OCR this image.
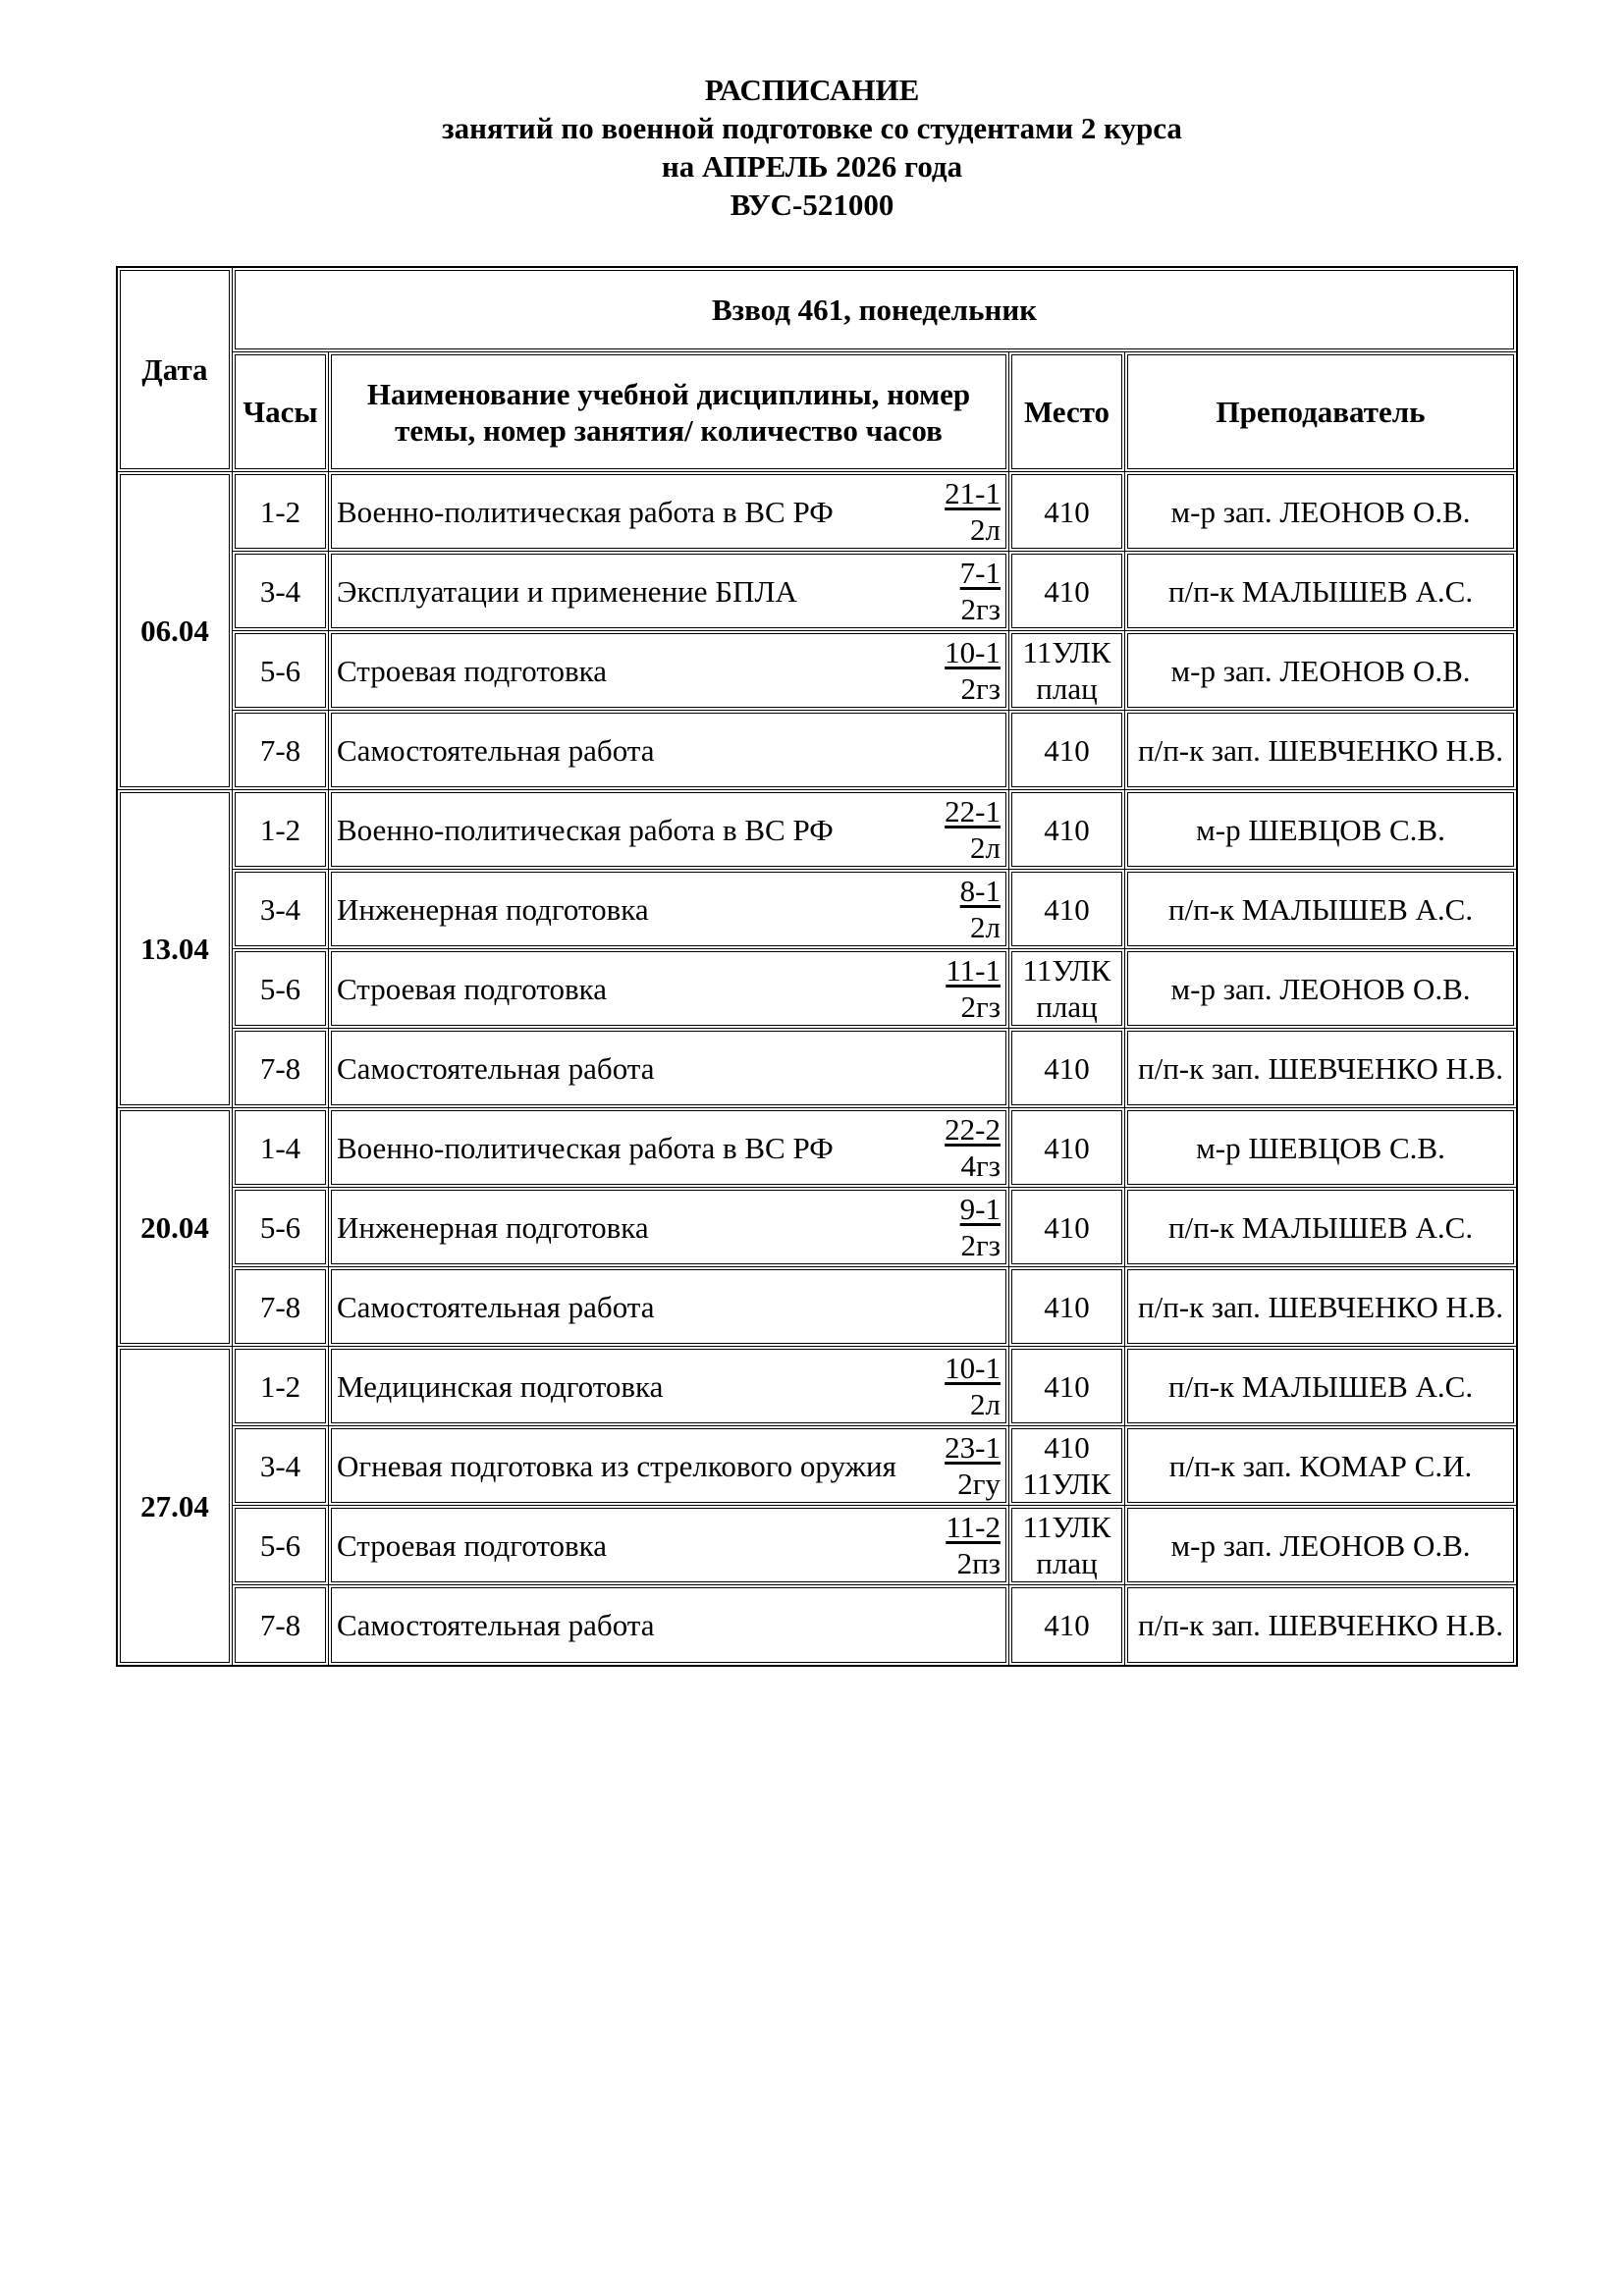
РАСПИСАНИЕ
занятий по военной подготовке со студентами 2 курса
на АПРЕЛЬ 2026 года
ВУС-521000
Дата	Взвод 461, понедельник			
	Часы	Наименование учебной дисциплины, номер темы, номер занятия/ количество часов	Место	Преподаватель
06.04	1-2	Военно-политическая работа в ВС РФ
21-1
2л	410	м-р зап. ЛЕОНОВ О.В.
	3-4	Эксплуатации и применение БПЛА
7-1
2гз	410	п/п-к МАЛЫШЕВ А.С.
	5-6	Строевая подготовка
10-1
2гз	11УЛК плац	м-р зап. ЛЕОНОВ О.В.
	7-8	Самостоятельная работа	410	п/п-к зап. ШЕВЧЕНКО Н.В.
13.04	1-2	Военно-политическая работа в ВС РФ
22-1
2л	410	м-р ШЕВЦОВ С.В.
	3-4	Инженерная подготовка
8-1
2л	410	п/п-к МАЛЫШЕВ А.С.
	5-6	Строевая подготовка
11-1
2гз	11УЛК плац	м-р зап. ЛЕОНОВ О.В.
	7-8	Самостоятельная работа	410	п/п-к зап. ШЕВЧЕНКО Н.В.
20.04	1-4	Военно-политическая работа в ВС РФ
22-2
4гз	410	м-р ШЕВЦОВ С.В.
	5-6	Инженерная подготовка
9-1
2гз	410	п/п-к МАЛЫШЕВ А.С.
	7-8	Самостоятельная работа	410	п/п-к зап. ШЕВЧЕНКО Н.В.
27.04	1-2	Медицинская подготовка
10-1
2л	410	п/п-к МАЛЫШЕВ А.С.
	3-4	Огневая подготовка из стрелкового оружия
23-1
2гу	410 11УЛК	п/п-к зап. КОМАР С.И.
	5-6	Строевая подготовка
11-2
2пз	11УЛК плац	м-р зап. ЛЕОНОВ О.В.
	7-8	Самостоятельная работа	410	п/п-к зап. ШЕВЧЕНКО Н.В.
